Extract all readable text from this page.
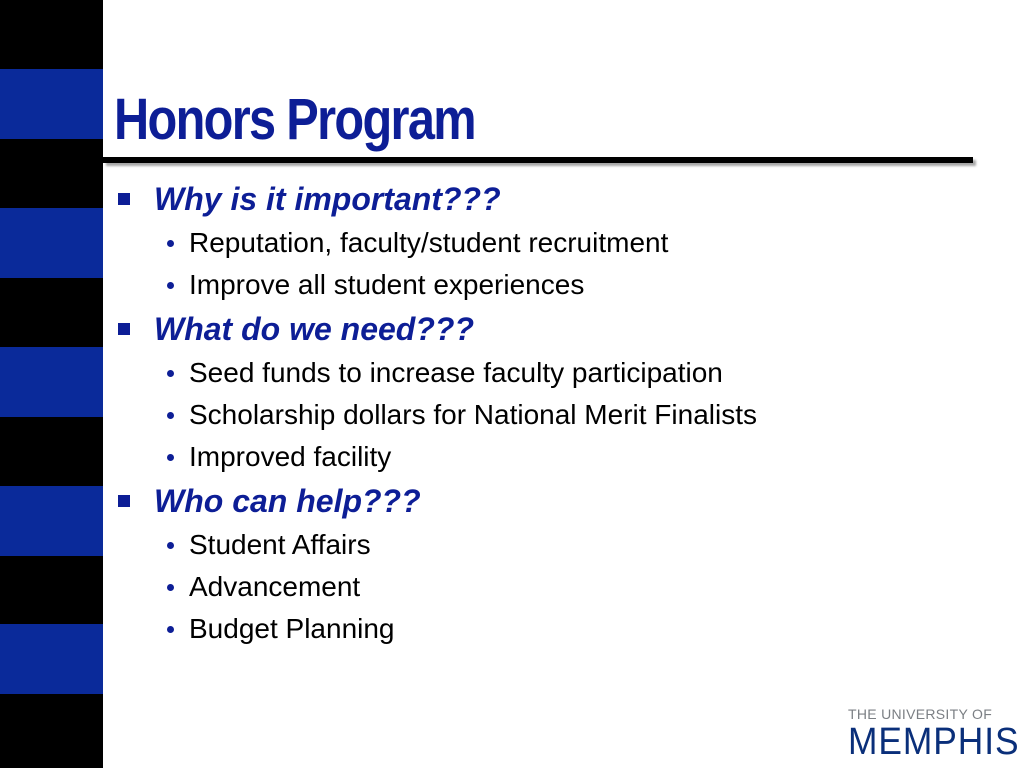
Honors Program
Why is it important???
Reputation, faculty/student recruitment
Improve all student experiences
What do we need???
Seed funds to increase faculty participation
Scholarship dollars for National Merit Finalists
Improved facility
Who can help???
Student Affairs
Advancement
Budget Planning
THE UNIVERSITY OF
MEMPHIS
